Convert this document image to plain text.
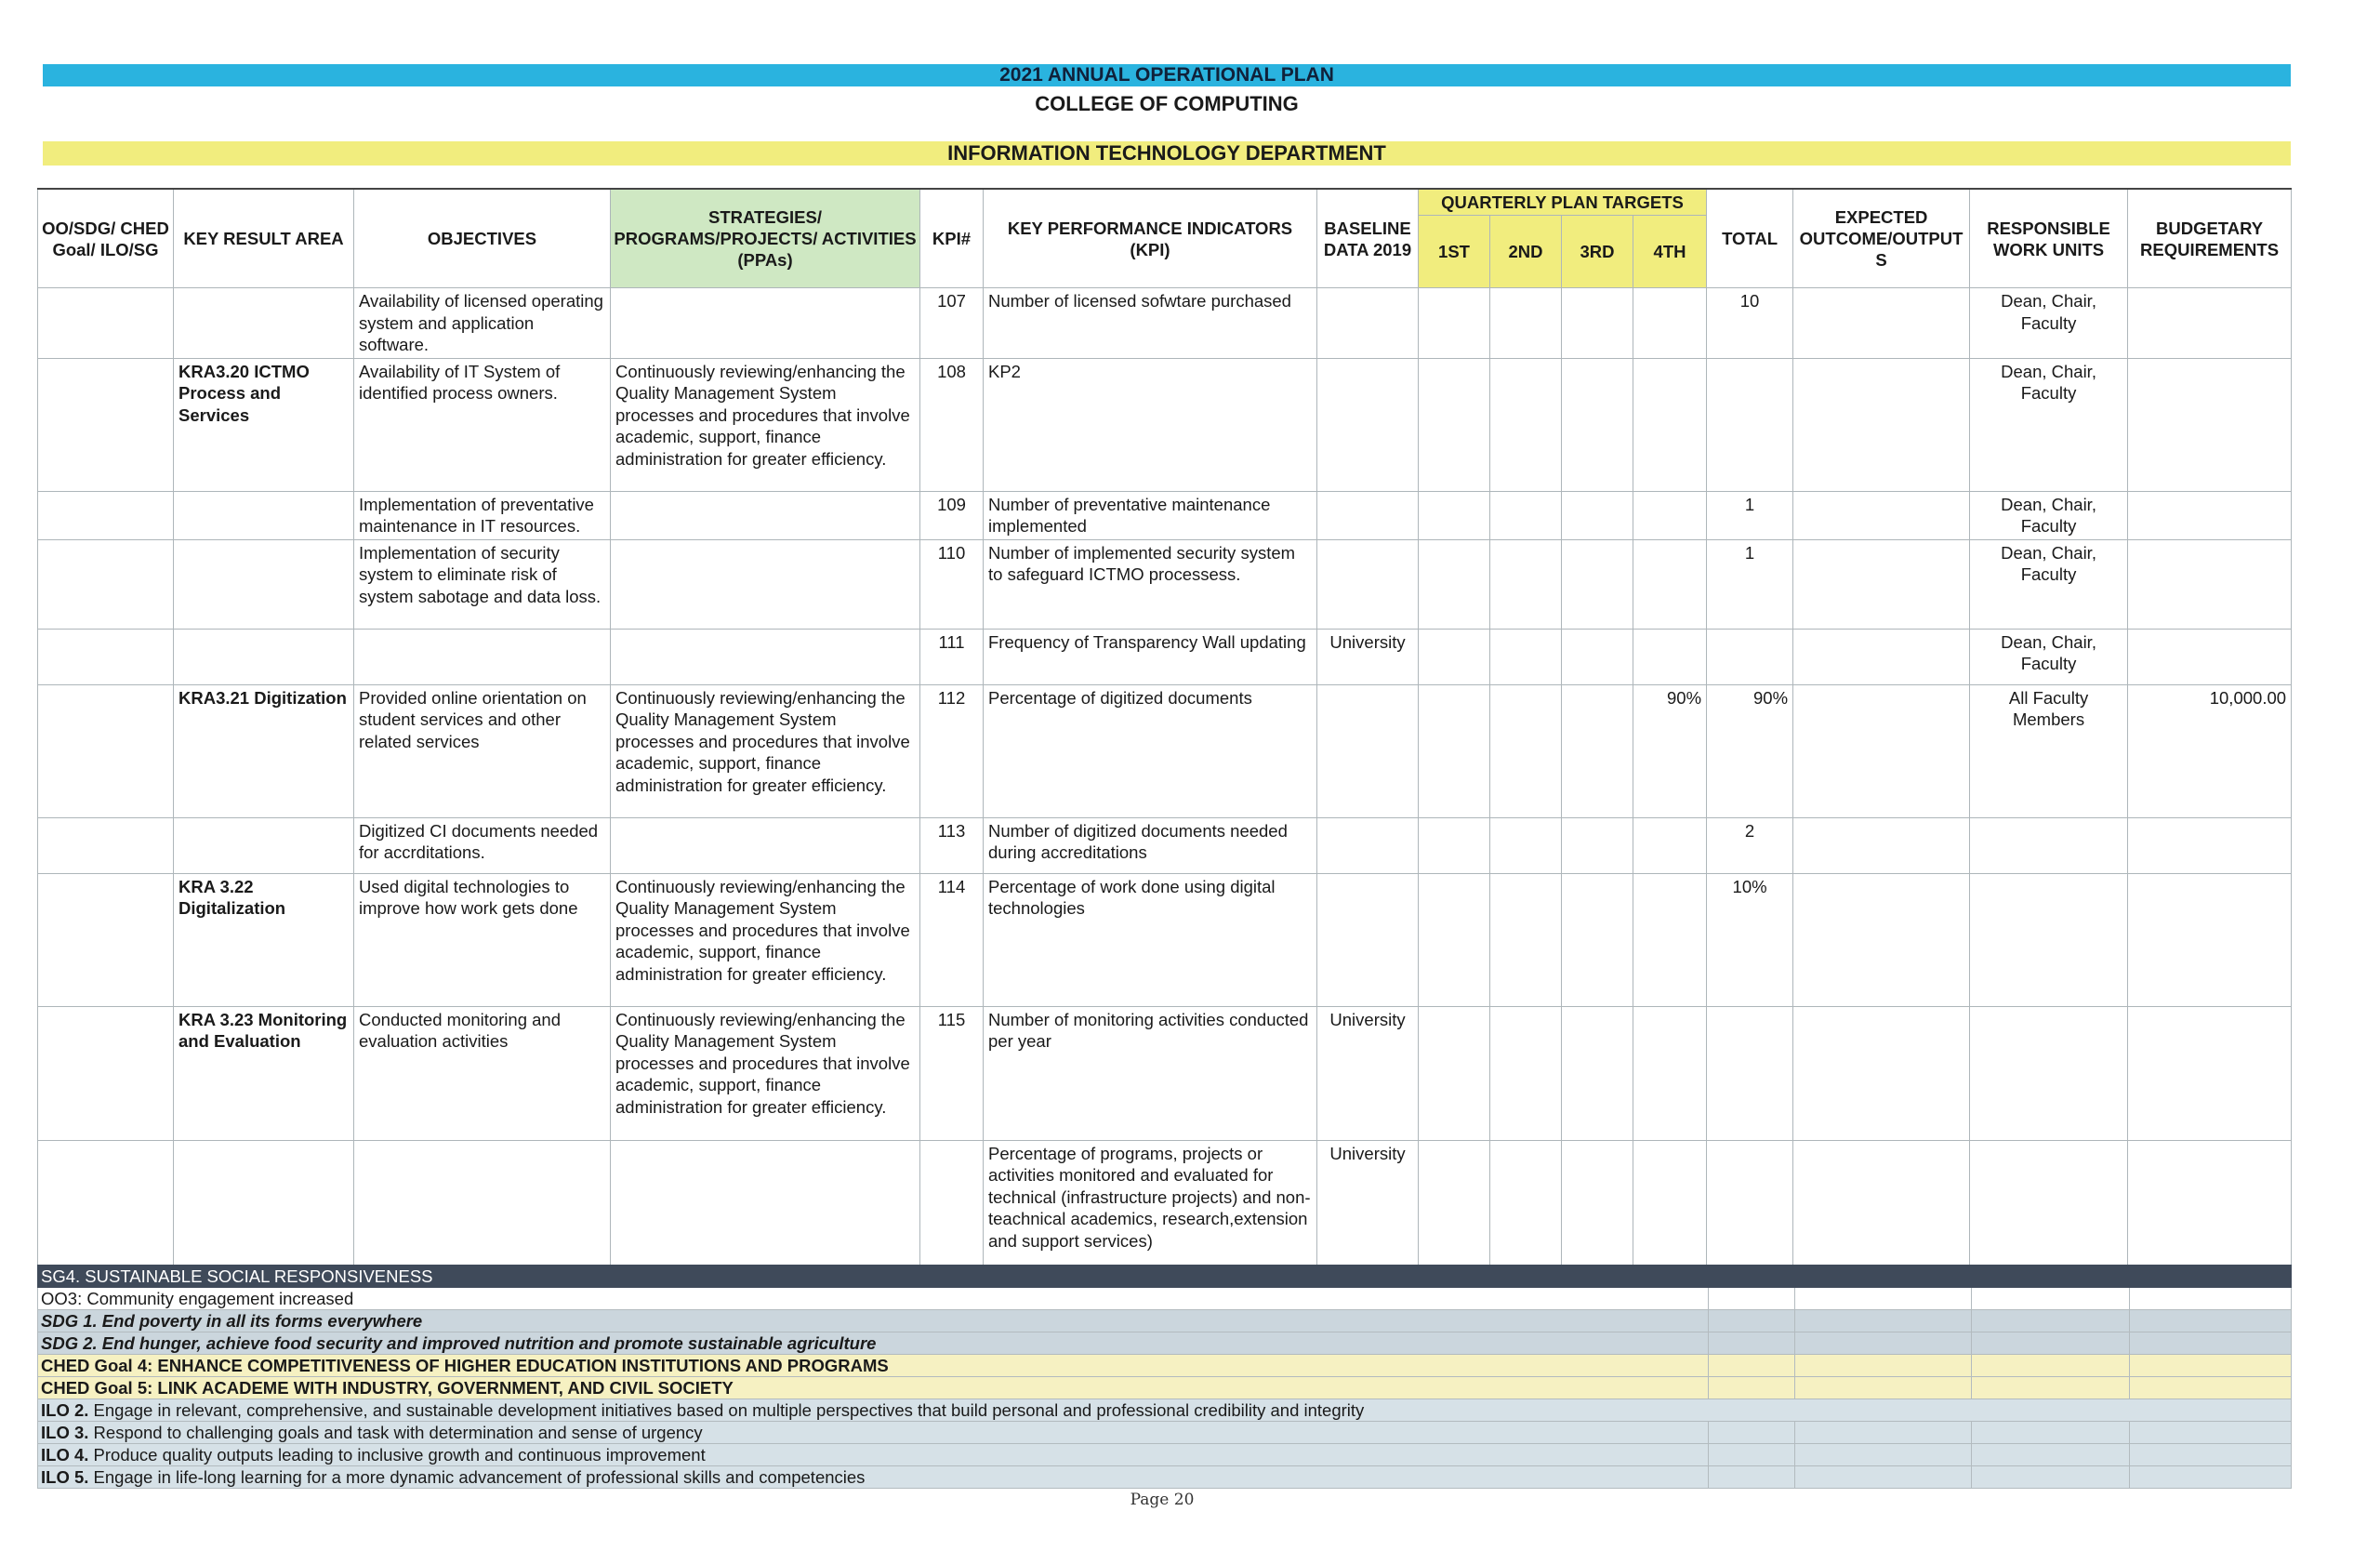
2021 ANNUAL OPERATIONAL PLAN
COLLEGE OF COMPUTING
INFORMATION TECHNOLOGY DEPARTMENT
OO/SDG/ CHED Goal/ ILO/SG	KEY RESULT AREA	OBJECTIVES	STRATEGIES/ PROGRAMS/PROJECTS/ ACTIVITIES (PPAs)	KPI#	KEY PERFORMANCE INDICATORS (KPI)	BASELINE DATA 2019	QUARTERLY PLAN TARGETS				TOTAL	EXPECTED OUTCOME/OUTPUT S	RESPONSIBLE WORK UNITS	BUDGETARY REQUIREMENTS
							1ST	2ND	3RD	4TH				
		Availability of licensed operating system and application software.		107	Number of licensed sofwtare purchased						10		Dean, Chair, Faculty	
	KRA3.20 ICTMO Process and Services	Availability of IT System of identified process owners.	Continuously reviewing/enhancing the Quality Management System processes and procedures that involve academic, support, finance administration for greater efficiency.	108	KP2								Dean, Chair, Faculty	
		Implementation of preventative maintenance in IT resources.		109	Number of preventative maintenance implemented						1		Dean, Chair, Faculty	
		Implementation of security system to eliminate risk of system sabotage and data loss.		110	Number of implemented security system to safeguard ICTMO processess.						1		Dean, Chair, Faculty	
				111	Frequency of Transparency Wall updating	University							Dean, Chair, Faculty	
	KRA3.21 Digitization	Provided online orientation on student services and other related services	Continuously reviewing/enhancing the Quality Management System processes and procedures that involve academic, support, finance administration for greater efficiency.	112	Percentage of digitized documents					90%	90%		All Faculty Members	10,000.00
		Digitized CI documents needed for accrditations.		113	Number of digitized documents needed during accreditations						2			
	KRA 3.22 Digitalization	Used digital technologies to improve how work gets done	Continuously reviewing/enhancing the Quality Management System processes and procedures that involve academic, support, finance administration for greater efficiency.	114	Percentage of work done using digital technologies						10%			
	KRA 3.23 Monitoring and Evaluation	Conducted monitoring and evaluation activities	Continuously reviewing/enhancing the Quality Management System processes and procedures that involve academic, support, finance administration for greater efficiency.	115	Number of monitoring activities conducted per year	University								
					Percentage of programs, projects or activities monitored and evaluated for technical (infrastructure projects) and non-teachnical academics, research,extension and support services)	University								
SG4. SUSTAINABLE SOCIAL RESPONSIVENESS				
OO3: Community engagement increased				
SDG 1. End poverty in all its forms everywhere				
SDG 2. End hunger, achieve food security and improved nutrition and promote sustainable agriculture				
CHED Goal 4: ENHANCE COMPETITIVENESS OF HIGHER EDUCATION INSTITUTIONS AND PROGRAMS				
CHED Goal 5: LINK ACADEME WITH INDUSTRY, GOVERNMENT, AND CIVIL SOCIETY				
ILO 2. Engage in relevant, comprehensive, and sustainable development initiatives based on multiple perspectives that build personal and professional credibility and integrity				
ILO 3. Respond to challenging goals and task with determination and sense of urgency				
ILO 4. Produce quality outputs leading to inclusive growth and continuous improvement				
ILO 5. Engage in life-long learning for a more dynamic advancement of professional skills and competencies				
Page 20
